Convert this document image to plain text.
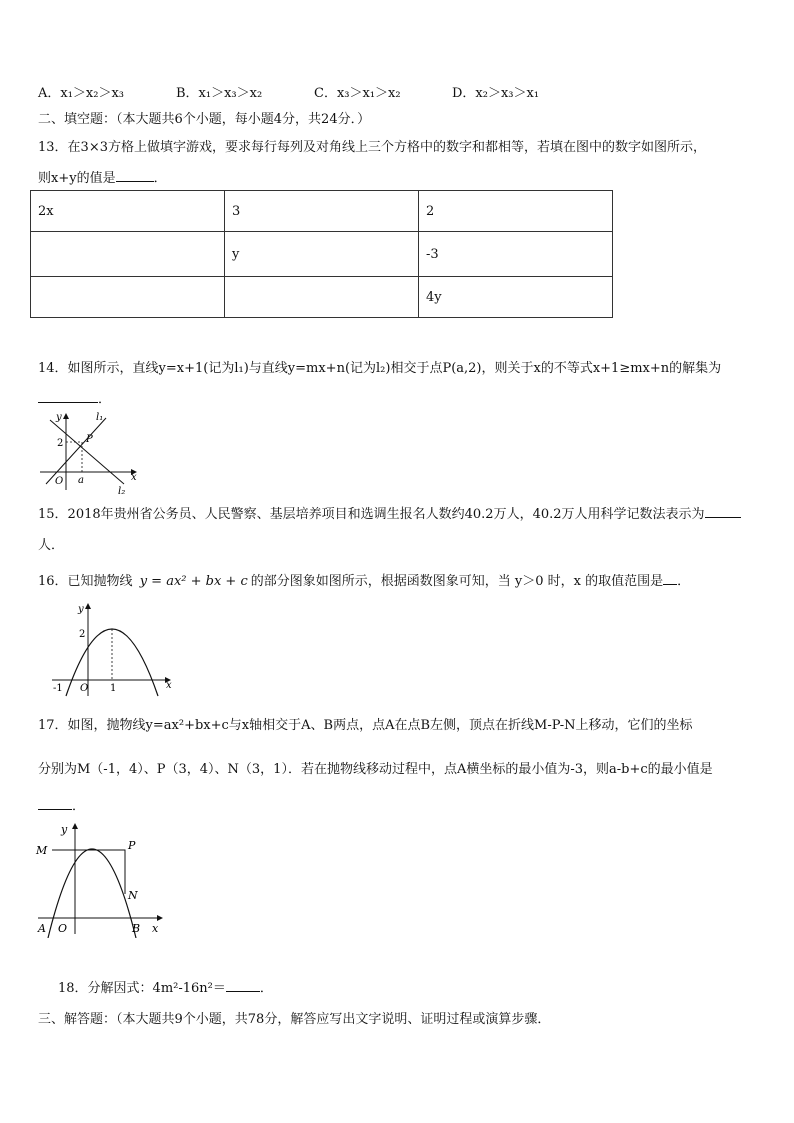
A．x₁＞x₂＞x₃	B．x₁＞x₃＞x₂	C．x₃＞x₁＞x₂	D．x₂＞x₃＞x₁
二、填空题：（本大题共6个小题，每小题4分，共24分．）
13．在3×3方格上做填字游戏，要求每行每列及对角线上三个方格中的数字和都相等，若填在图中的数字如图所示，
则x+y的值是	．
2x	3	2
	y	-3
		4y
14．如图所示，直线y=x+1(记为l₁)与直线y=mx+n(记为l₂)相交于点P(a,2)，则关于x的不等式x+1≥mx+n的解集为
．
y	l₁
2 P
O a	x
l₂
15．2018年贵州省公务员、人民警察、基层培养项目和选调生报名人数约40.2万人，40.2万人用科学记数法表示为
人．
16．已知抛物线 y = ax² + bx + c 的部分图象如图所示，根据函数图象可知，当 y＞0 时，x 的取值范围是 ．
y
2
-1 O 1	x
17．如图，抛物线y=ax²+bx+c与x轴相交于A、B两点，点A在点B左侧，顶点在折线M-P-N上移动，它们的坐标
分别为M（-1，4）、P（3，4）、N（3，1）．若在抛物线移动过程中，点A横坐标的最小值为-3，则a-b+c的最小值是
．
y
M	P
N
A O	B x
18．分解因式：4m²-16n²＝	．
三、解答题：（本大题共9个小题，共78分，解答应写出文字说明、证明过程或演算步骤．
